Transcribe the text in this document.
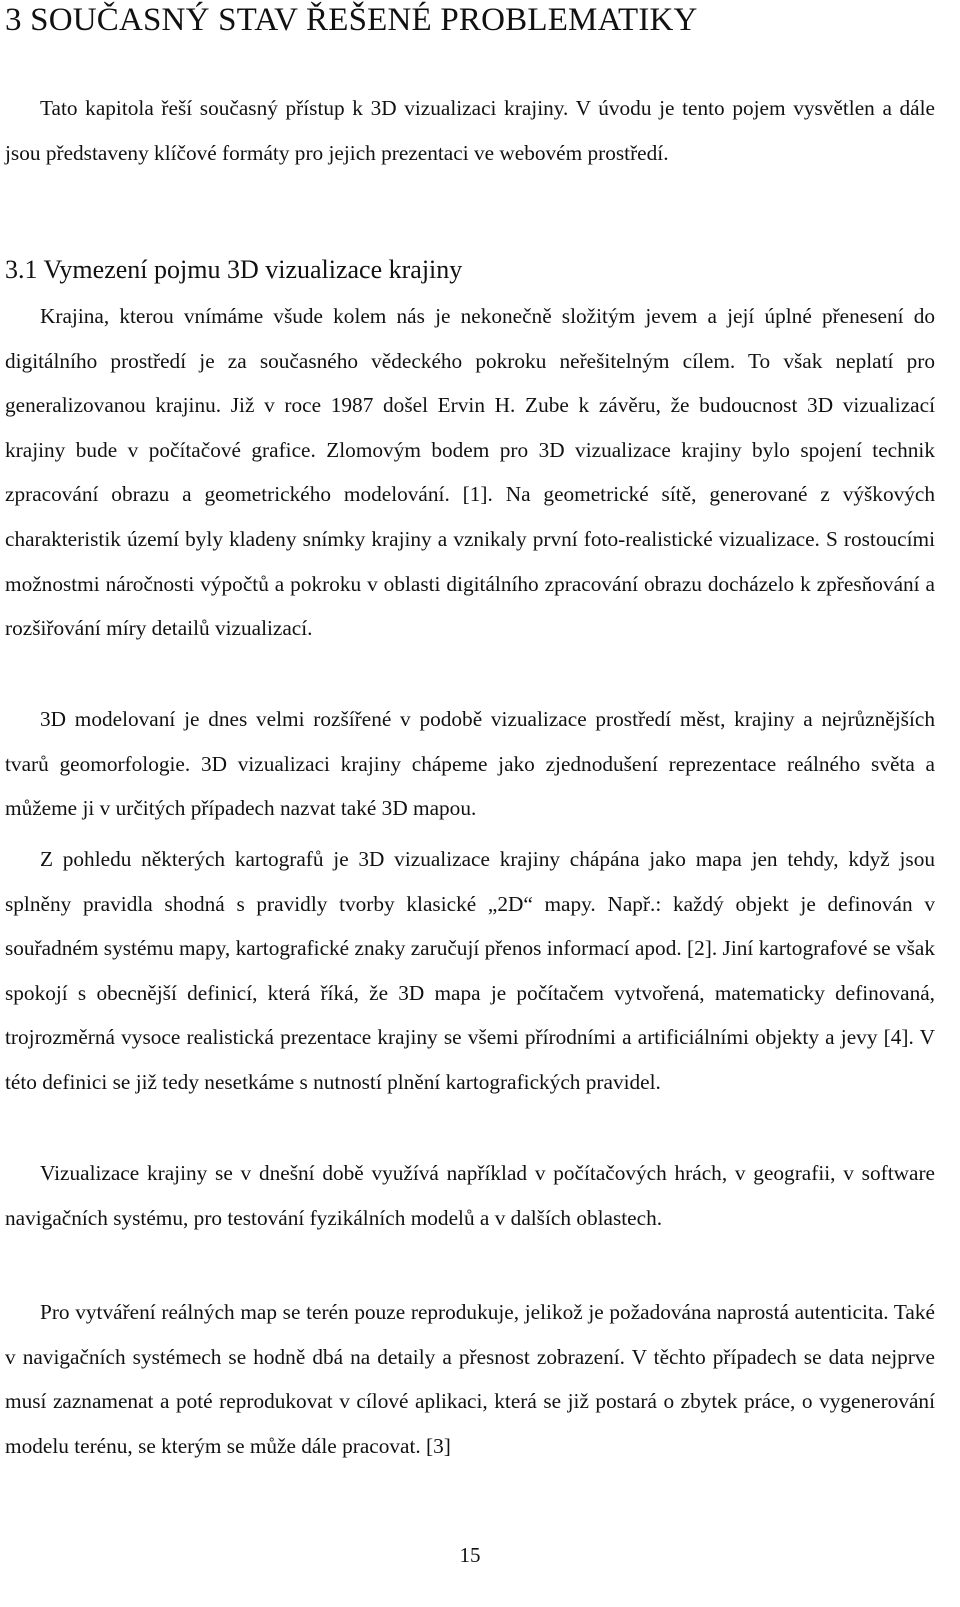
3 SOUČASNÝ STAV ŘEŠENÉ PROBLEMATIKY

Tato kapitola řeší současný přístup k 3D vizualizaci krajiny. V úvodu je tento pojem vysvětlen a dále jsou představeny klíčové formáty pro jejich prezentaci ve webovém prostředí.

3.1 Vymezení pojmu 3D vizualizace krajiny

Krajina, kterou vnímáme všude kolem nás je nekonečně složitým jevem a její úplné přenesení do digitálního prostředí je za současného vědeckého pokroku neřešitelným cílem. To však neplatí pro generalizovanou krajinu. Již v roce 1987 došel Ervin H. Zube k závěru, že budoucnost 3D vizualizací krajiny bude v počítačové grafice. Zlomovým bodem pro 3D vizualizace krajiny bylo spojení technik zpracování obrazu a geometrického modelování. [1]. Na geometrické sítě, generované z výškových charakteristik území byly kladeny snímky krajiny a vznikaly první foto-realistické vizualizace. S rostoucími možnostmi náročnosti výpočtů a pokroku v oblasti digitálního zpracování obrazu docházelo k zpřesňování a rozšiřování míry detailů vizualizací.

3D modelovaní je dnes velmi rozšířené v podobě vizualizace prostředí měst, krajiny a nejrůznějších tvarů geomorfologie. 3D vizualizaci krajiny chápeme jako zjednodušení reprezentace reálného světa a můžeme ji v určitých případech nazvat také 3D mapou.

Z pohledu některých kartografů je 3D vizualizace krajiny chápána jako mapa jen tehdy, když jsou splněny pravidla shodná s pravidly tvorby klasické „2D“ mapy. Např.: každý objekt je definován v souřadném systému mapy, kartografické znaky zaručují přenos informací apod. [2]. Jiní kartografové se však spokojí s obecnější definicí, která říká, že 3D mapa je počítačem vytvořená, matematicky definovaná, trojrozměrná vysoce realistická prezentace krajiny se všemi přírodními a artificiálními objekty a jevy [4]. V této definici se již tedy nesetkáme s nutností plnění kartografických pravidel.

Vizualizace krajiny se v dnešní době využívá například v počítačových hrách, v geografii, v software navigačních systému, pro testování fyzikálních modelů a v dalších oblastech.

Pro vytváření reálných map se terén pouze reprodukuje, jelikož je požadována naprostá autenticita. Také v navigačních systémech se hodně dbá na detaily a přesnost zobrazení. V těchto případech se data nejprve musí zaznamenat a poté reprodukovat v cílové aplikaci, která se již postará o zbytek práce, o vygenerování modelu terénu, se kterým se může dále pracovat. [3]

15
